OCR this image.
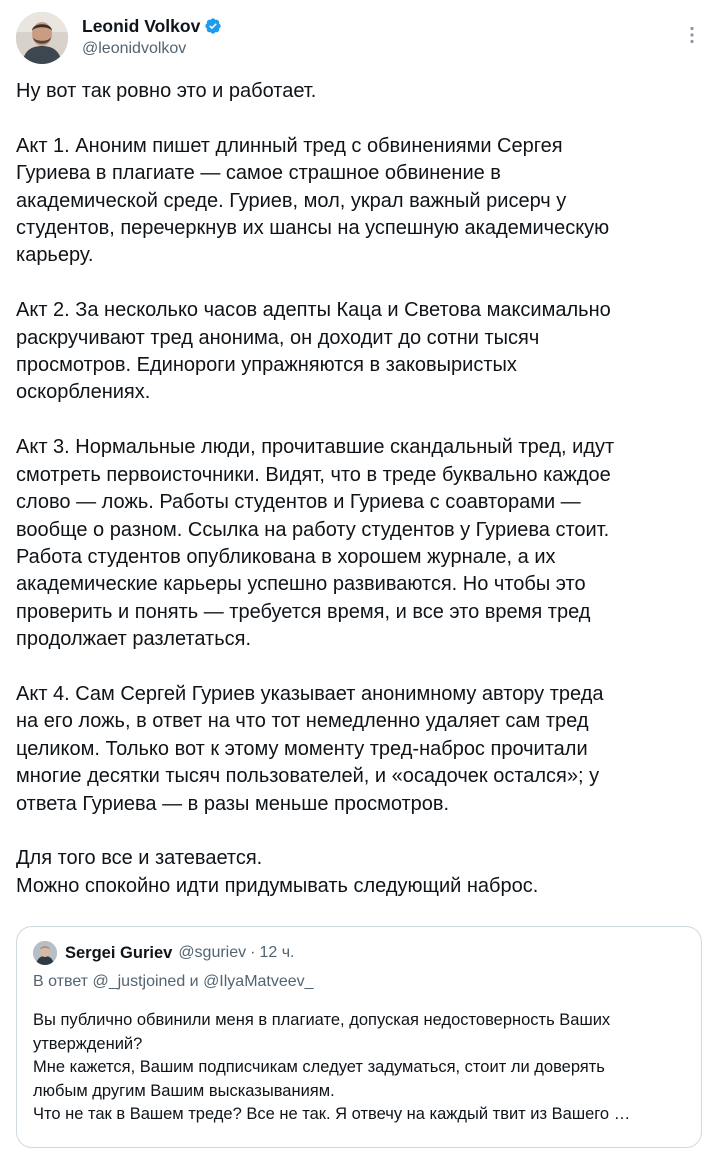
Leonid Volkov
@leonidvolkov

Ну вот так ровно это и работает.

Акт 1. Аноним пишет длинный тред с обвинениями Сергея
Гуриева в плагиате — самое страшное обвинение в
академической среде. Гуриев, мол, украл важный рисерч у
студентов, перечеркнув их шансы на успешную академическую
карьеру.

Акт 2. За несколько часов адепты Каца и Светова максимально
раскручивают тред анонима, он доходит до сотни тысяч
просмотров. Единороги упражняются в заковыристых
оскорблениях.

Акт 3. Нормальные люди, прочитавшие скандальный тред, идут
смотреть первоисточники. Видят, что в треде буквально каждое
слово — ложь. Работы студентов и Гуриева с соавторами —
вообще о разном. Ссылка на работу студентов у Гуриева стоит.
Работа студентов опубликована в хорошем журнале, а их
академические карьеры успешно развиваются. Но чтобы это
проверить и понять — требуется время, и все это время тред
продолжает разлетаться.

Акт 4. Сам Сергей Гуриев указывает анонимному автору треда
на его ложь, в ответ на что тот немедленно удаляет сам тред
целиком. Только вот к этому моменту тред-наброс прочитали
многие десятки тысяч пользователей, и «осадочек остался»; у
ответа Гуриева — в разы меньше просмотров.

Для того все и затевается.
Можно спокойно идти придумывать следующий наброс.

Sergei Guriev @sguriev · 12 ч.
В ответ @_justjoined и @IlyaMatveev_

Вы публично обвинили меня в плагиате, допуская недостоверность Ваших
утверждений?
Мне кажется, Вашим подписчикам следует задуматься, стоит ли доверять
любым другим Вашим высказываниям.
Что не так в Вашем треде? Все не так. Я отвечу на каждый твит из Вашего …
